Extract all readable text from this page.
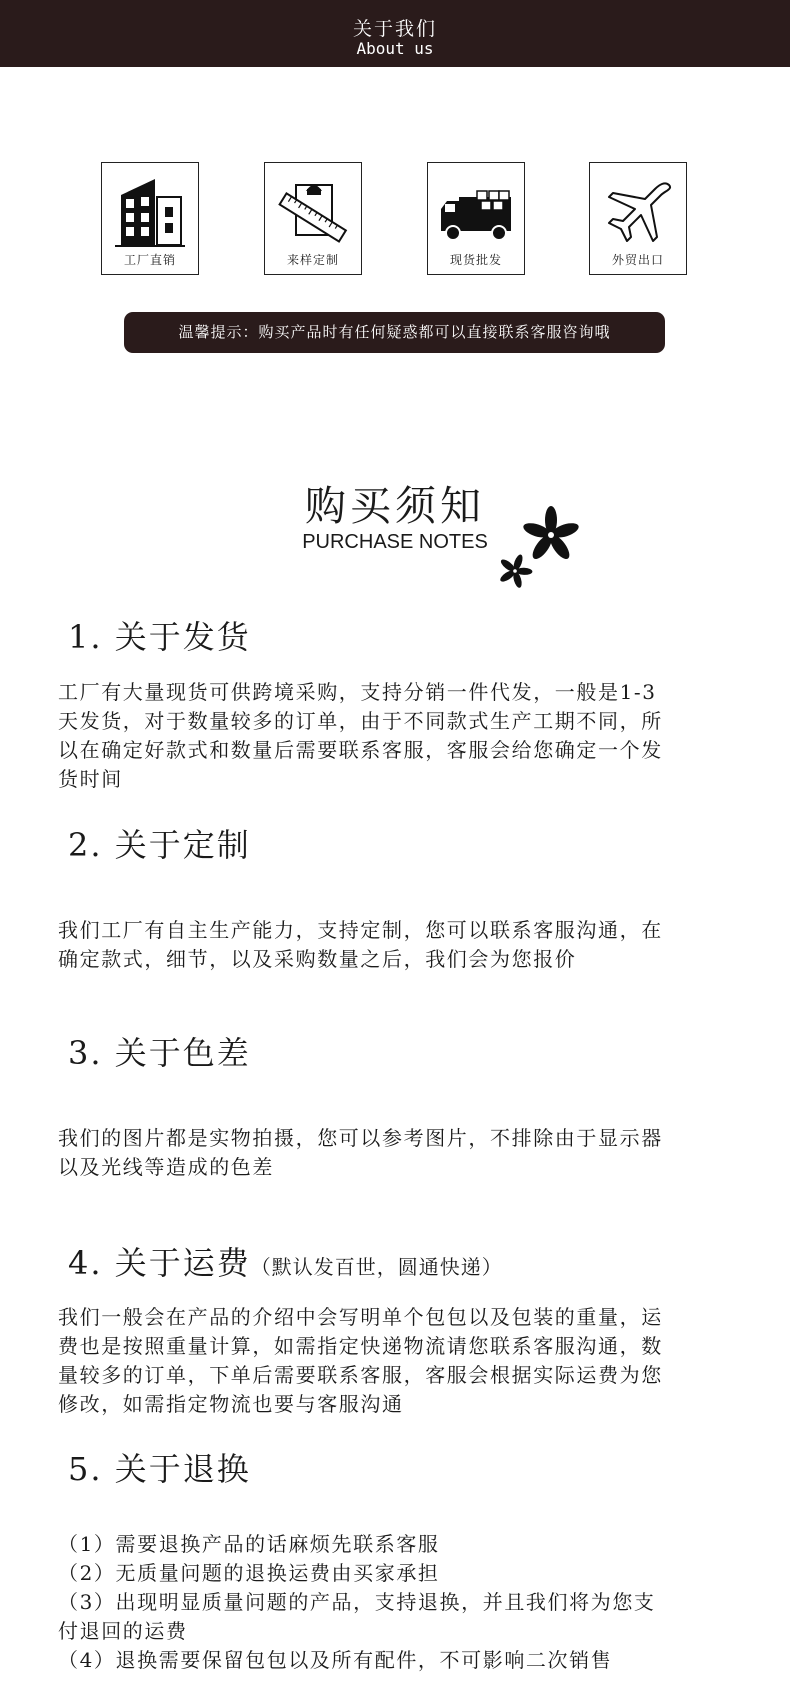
关于我们
About us
工厂直销	来样定制	现货批发	外贸出口
温馨提示：购买产品时有任何疑惑都可以直接联系客服咨询哦
购买须知
PURCHASE NOTES
1. 关于发货

工厂有大量现货可供跨境采购，支持分销一件代发，一般是1-3
天发货，对于数量较多的订单，由于不同款式生产工期不同，所
以在确定好款式和数量后需要联系客服，客服会给您确定一个发
货时间

2. 关于定制

我们工厂有自主生产能力，支持定制，您可以联系客服沟通，在
确定款式，细节，以及采购数量之后，我们会为您报价

3. 关于色差

我们的图片都是实物拍摄，您可以参考图片，不排除由于显示器
以及光线等造成的色差

4. 关于运费（默认发百世，圆通快递）

我们一般会在产品的介绍中会写明单个包包以及包装的重量，运
费也是按照重量计算，如需指定快递物流请您联系客服沟通，数
量较多的订单，下单后需要联系客服，客服会根据实际运费为您
修改，如需指定物流也要与客服沟通

5. 关于退换

（1）需要退换产品的话麻烦先联系客服
（2）无质量问题的退换运费由买家承担
（3）出现明显质量问题的产品，支持退换，并且我们将为您支
付退回的运费
（4）退换需要保留包包以及所有配件，不可影响二次销售
